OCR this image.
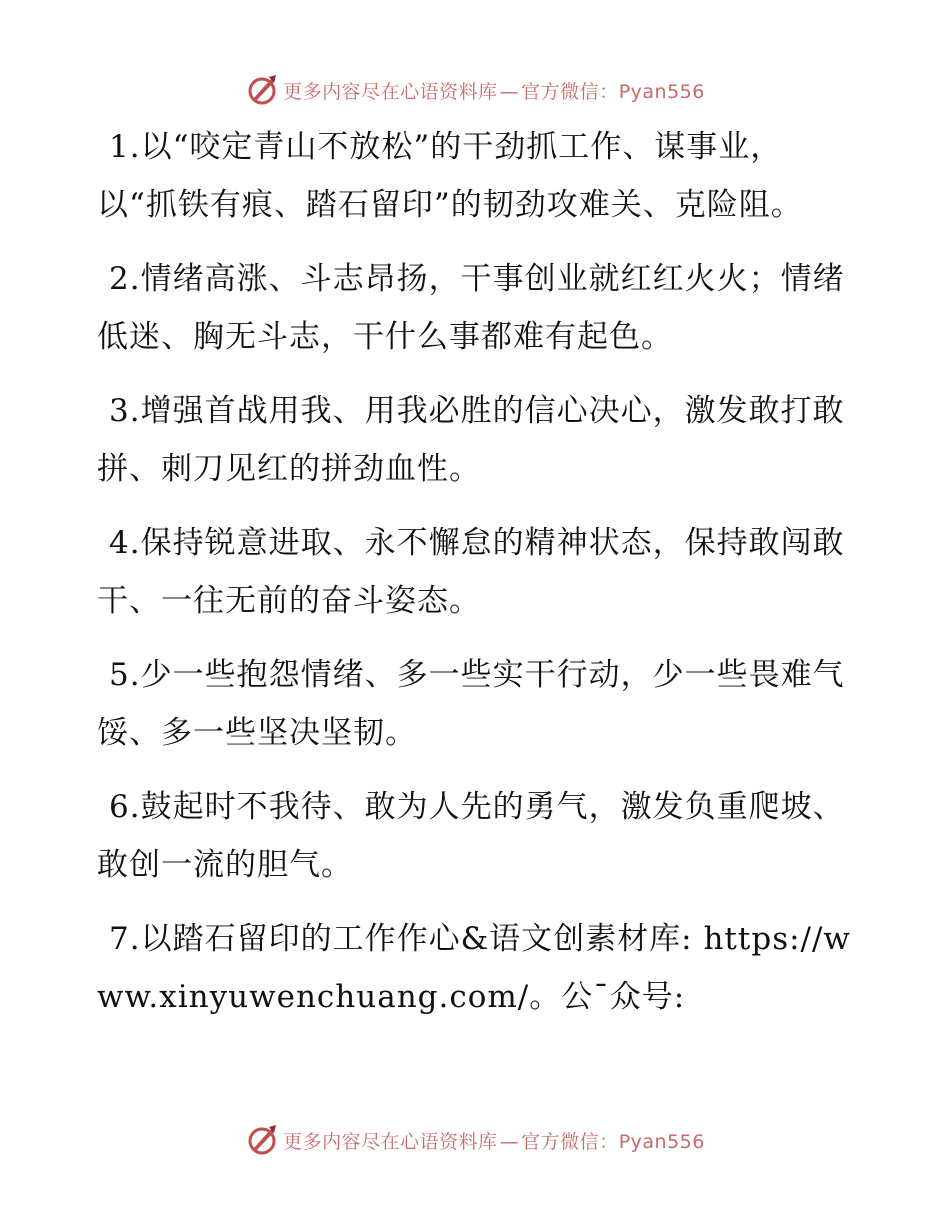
更多内容尽在心语资料库 — 官方微信：Pyan556

1.以“咬定青山不放松”的干劲抓工作、谋事业，以“抓铁有痕、踏石留印”的韧劲攻难关、克险阻。

2.情绪高涨、斗志昂扬，干事创业就红红火火；情绪低迷、胸无斗志，干什么事都难有起色。

3.增强首战用我、用我必胜的信心决心，激发敢打敢拼、刺刀见红的拼劲血性。

4.保持锐意进取、永不懈怠的精神状态，保持敢闯敢干、一往无前的奋斗姿态。

5.少一些抱怨情绪、多一些实干行动，少一些畏难气馁、多一些坚决坚韧。

6.鼓起时不我待、敢为人先的勇气，激发负重爬坡、敢创一流的胆气。

7.以踏石留印的工作作心&语文创素材库: https://www.xinyuwenchuang.com/。公¯众号:

更多内容尽在心语资料库 — 官方微信：Pyan556
